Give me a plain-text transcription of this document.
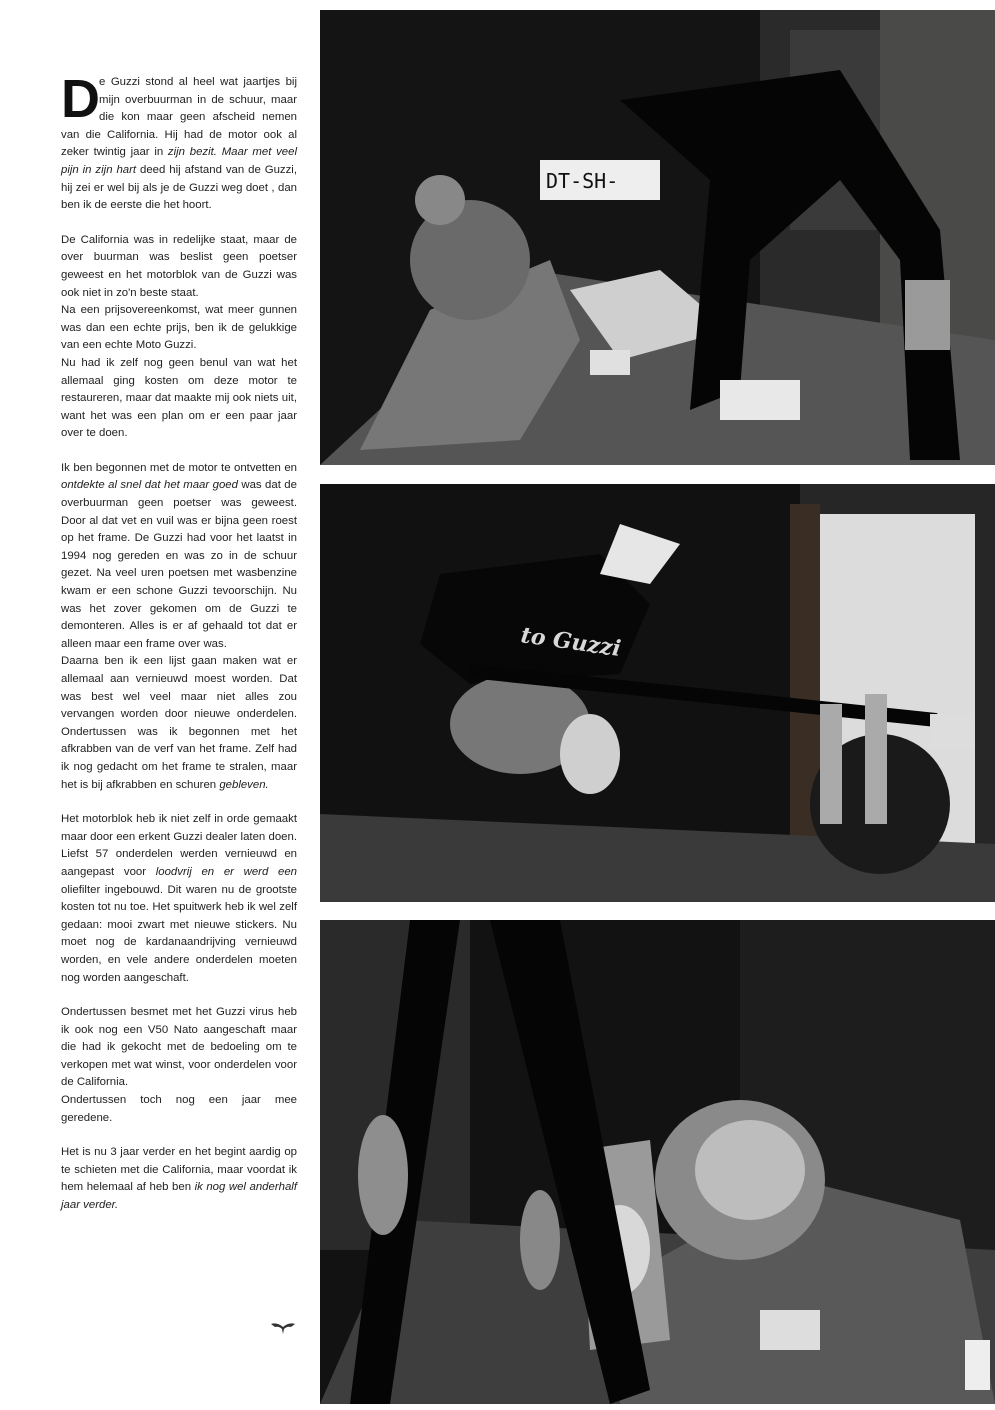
De Guzzi stond al heel wat jaartjes bij mijn overbuurman in de schuur, maar die kon maar geen afscheid nemen van die California. Hij had de motor ook al zeker twintig jaar in zijn bezit. Maar met veel pijn in zijn hart deed hij afstand van de Guzzi, hij zei er wel bij als je de Guzzi weg doet , dan ben ik de eerste die het hoort.

De California was in redelijke staat, maar de over buurman was beslist geen poetser geweest en het motorblok van de Guzzi was ook niet in zo'n beste staat.

Na een prijsovereenkomst, wat meer gunnen was dan een echte prijs, ben ik de gelukkige van een echte Moto Guzzi.

Nu had ik zelf nog geen benul van wat het allemaal ging kosten om deze motor te restaureren, maar dat maakte mij ook niets uit, want het was een plan om er een paar jaar over te doen.

Ik ben begonnen met de motor te ontvetten en ontdekte al snel dat het maar goed was dat de overbuurman geen poetser was geweest. Door al dat vet en vuil was er bijna geen roest op het frame. De Guzzi had voor het laatst in 1994 nog gereden en was zo in de schuur gezet. Na veel uren poetsen met wasbenzine kwam er een schone Guzzi tevoorschijn. Nu was het zover gekomen om de Guzzi te demonteren. Alles is er af gehaald tot dat er alleen maar een frame over was.

Daarna ben ik een lijst gaan maken wat er allemaal aan vernieuwd moest worden. Dat was best wel veel maar niet alles zou vervangen worden door nieuwe onderdelen. Ondertussen was ik begonnen met het afkrabben van de verf van het frame. Zelf had ik nog gedacht om het frame te stralen, maar het is bij afkrabben en schuren gebleven.

Het motorblok heb ik niet zelf in orde gemaakt maar door een erkent Guzzi dealer laten doen. Liefst 57 onderdelen werden vernieuwd en aangepast voor loodvrij en er werd een oliefilter ingebouwd. Dit waren nu de grootste kosten tot nu toe. Het spuitwerk heb ik wel zelf gedaan: mooi zwart met nieuwe stickers. Nu moet nog de kardanaandrijving vernieuwd worden, en vele andere onderdelen moeten nog worden aangeschaft.

Ondertussen besmet met het Guzzi virus heb ik ook nog een V50 Nato aangeschaft maar die had ik gekocht met de bedoeling om te verkopen met wat winst, voor onderdelen voor de California.

Ondertussen toch nog een jaar mee geredene.

Het is nu 3 jaar verder en het begint aardig op te schieten met die California, maar voordat ik hem helemaal af heb ben ik nog wel anderhalf jaar verder.

DT-SH-
to Guzzi
